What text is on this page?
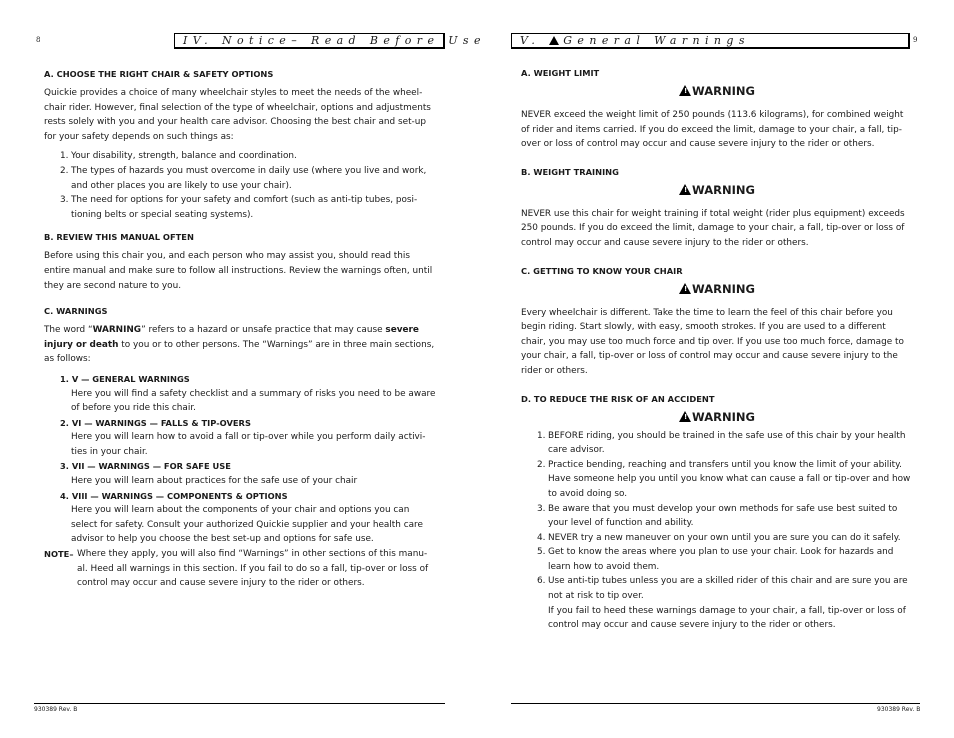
8	IV. Notice– Read Before Use
A. CHOOSE THE RIGHT CHAIR & SAFETY OPTIONS

Quickie provides a choice of many wheelchair styles to meet the needs of the wheel-chair rider. However, final selection of the type of wheelchair, options and adjustments rests solely with you and your health care advisor. Choosing the best chair and set-up for your safety depends on such things as:

1. Your disability, strength, balance and coordination.
2. The types of hazards you must overcome in daily use (where you live and work, and other places you are likely to use your chair).
3. The need for options for your safety and comfort (such as anti-tip tubes, posi-tioning belts or special seating systems).
B. REVIEW THIS MANUAL OFTEN

Before using this chair you, and each person who may assist you, should read this entire manual and make sure to follow all instructions. Review the warnings often, until they are second nature to you.

C. WARNINGS

The word “WARNING” refers to a hazard or unsafe practice that may cause severe injury or death to you or to other persons. The “Warnings” are in three main sections, as follows:

1. V — GENERAL WARNINGS
Here you will find a safety checklist and a summary of risks you need to be aware of before you ride this chair.
2. VI — WARNINGS — FALLS & TIP-OVERS
Here you will learn how to avoid a fall or tip-over while you perform daily activi-ties in your chair.
3. VII — WARNINGS — FOR SAFE USE
Here you will learn about practices for the safe use of your chair
4. VIII — WARNINGS — COMPONENTS & OPTIONS
Here you will learn about the components of your chair and options you can select for safety. Consult your authorized Quickie supplier and your health care advisor to help you choose the best set-up and options for safe use.
NOTE– Where they apply, you will also find “Warnings” in other sections of this manu-al. Heed all warnings in this section. If you fail to do so a fall, tip-over or loss of control may occur and cause severe injury to the rider or others.
930389 Rev. B
9
V. General Warnings
A. WEIGHT LIMIT
! WARNING

NEVER exceed the weight limit of 250 pounds (113.6 kilograms), for combined weight of rider and items carried. If you do exceed the limit, damage to your chair, a fall, tip-over or loss of control may occur and cause severe injury to the rider or others.

B. WEIGHT TRAINING
! WARNING

NEVER use this chair for weight training if total weight (rider plus equipment) exceeds 250 pounds. If you do exceed the limit, damage to your chair, a fall, tip-over or loss of control may occur and cause severe injury to the rider or others.

C. GETTING TO KNOW YOUR CHAIR
! WARNING

Every wheelchair is different. Take the time to learn the feel of this chair before you begin riding. Start slowly, with easy, smooth strokes. If you are used to a different chair, you may use too much force and tip over. If you use too much force, damage to your chair, a fall, tip-over or loss of control may occur and cause severe injury to the rider or others.

D. TO REDUCE THE RISK OF AN ACCIDENT
! WARNING
1. BEFORE riding, you should be trained in the safe use of this chair by your health care advisor.
2. Practice bending, reaching and transfers until you know the limit of your ability. Have someone help you until you know what can cause a fall or tip-over and how to avoid doing so.
3. Be aware that you must develop your own methods for safe use best suited to your level of function and ability.
4. NEVER try a new maneuver on your own until you are sure you can do it safely.
5. Get to know the areas where you plan to use your chair. Look for hazards and learn how to avoid them.
6. Use anti-tip tubes unless you are a skilled rider of this chair and are sure you are not at risk to tip over.
If you fail to heed these warnings damage to your chair, a fall, tip-over or loss of control may occur and cause severe injury to the rider or others.
930389 Rev. B
